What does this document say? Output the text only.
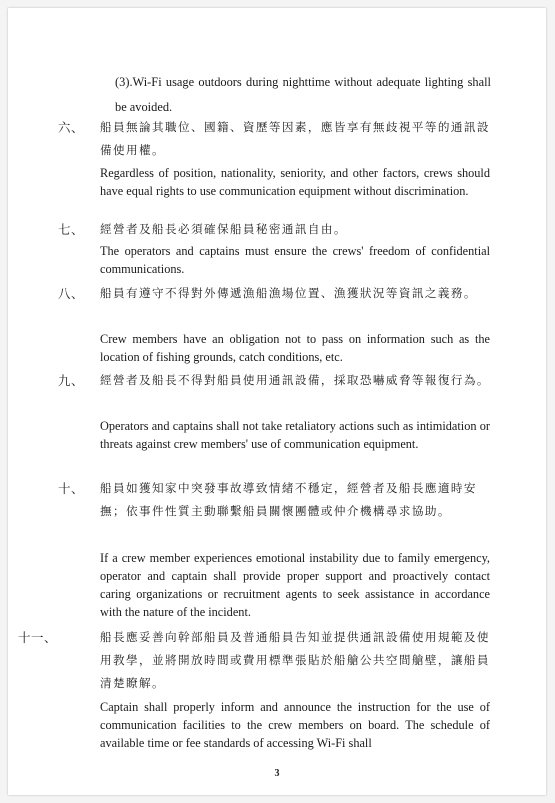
(3).Wi-Fi usage outdoors during nighttime without adequate lighting shall be avoided.

六、 船員無論其職位、國籍、資歷等因素，應皆享有無歧視平等的通訊設備使用權。
Regardless of position, nationality, seniority, and other factors, crews should have equal rights to use communication equipment without discrimination.
七、 經營者及船長必須確保船員秘密通訊自由。
The operators and captains must ensure the crews' freedom of confidential communications.
八、 船員有遵守不得對外傳遞漁船漁場位置、漁獲狀況等資訊之義務。
Crew members have an obligation not to pass on information such as the location of fishing grounds, catch conditions, etc.
九、 經營者及船長不得對船員使用通訊設備，採取恐嚇威脅等報復行為。
Operators and captains shall not take retaliatory actions such as intimidation or threats against crew members' use of communication equipment.
十、 船員如獲知家中突發事故導致情緒不穩定，經營者及船長應適時安撫；依事件性質主動聯繫船員關懷團體或仲介機構尋求協助。
If a crew member experiences emotional instability due to family emergency, operator and captain shall provide proper support and proactively contact caring organizations or recruitment agents to seek assistance in accordance with the nature of the incident.
十一、	船長應妥善向幹部船員及普通船員告知並提供通訊設備使用規範及使用教學，並將開放時間或費用標準張貼於船艙公共空間艙壁，讓船員清楚瞭解。
Captain shall properly inform and announce the instruction for the use of communication facilities to the crew members on board. The schedule of available time or fee standards of accessing Wi-Fi shall
3
